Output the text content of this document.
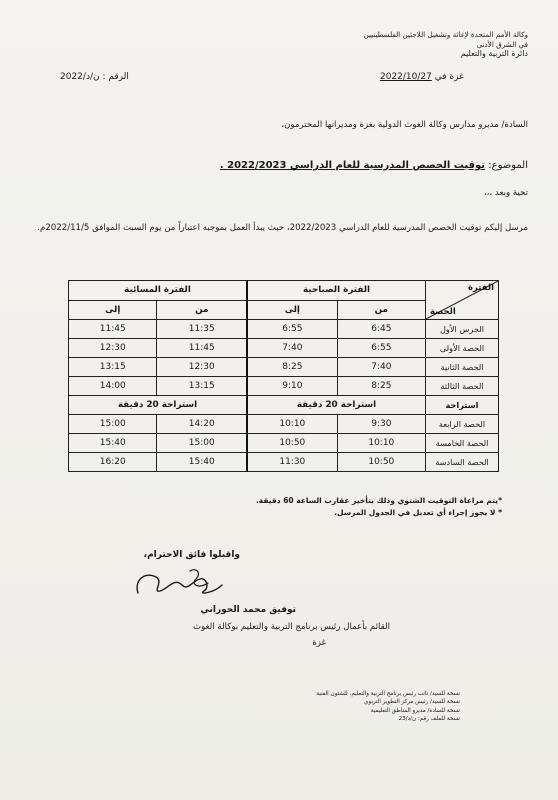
وكالة الأمم المتحدة لإغاثة وتشغيل اللاجئين الفلسطينيين
في الشرق الأدنى
دائرة التربية والتعليم
الرقم : ن/د/2022	غزة في 2022/10/27
السادة/ مديرو مدارس وكالة الغوث الدولية بغزة ومديراتها المحترمون،
الموضوع: توقيت الحصص المدرسية للعام الدراسي 2022/2023 .
تحية وبعد ،،،
مرسل إليكم توقيت الحصص المدرسية للعام الدراسي 2022/2023، حيث يبدأ العمل بموجبه اعتباراً من يوم السبت الموافق 2022/11/5م.
الفترة
الحصة	الفترة الصباحية		الفترة المسائية	
	من	إلى	من	إلى
الجرس الأول	6:45	6:55	11:35	11:45
الحصة الأولى	6:55	7:40	11:45	12:30
الحصة الثانية	7:40	8:25	12:30	13:15
الحصة الثالثة	8:25	9:10	13:15	14:00
استراحة	استراحة 20 دقيقة		استراحة 20 دقيقة	
الحصة الرابعة	9:30	10:10	14:20	15:00
الحصة الخامسة	10:10	10:50	15:00	15:40
الحصة السادسة	10:50	11:30	15:40	16:20
*يتم مراعاة التوقيت الشتوي وذلك بتأخير عقارب الساعة 60 دقيقة.
* لا يجوز إجراء أي تعديل في الجدول المرسل.
واقبلوا فائق الاحترام،
توفيق محمد الحوراني
القائم بأعمال رئيس برنامج التربية والتعليم بوكالة الغوث
غزة
نسخة للسيد/ نائب رئيس برنامج التربية والتعليم، للشئون الفنية
نسخة للسيد/ رئيس مركز التطوير التربوي
نسخة للسادة/ مديرو المناطق التعليمية
نسخة للملف رقم: ن/د/23
